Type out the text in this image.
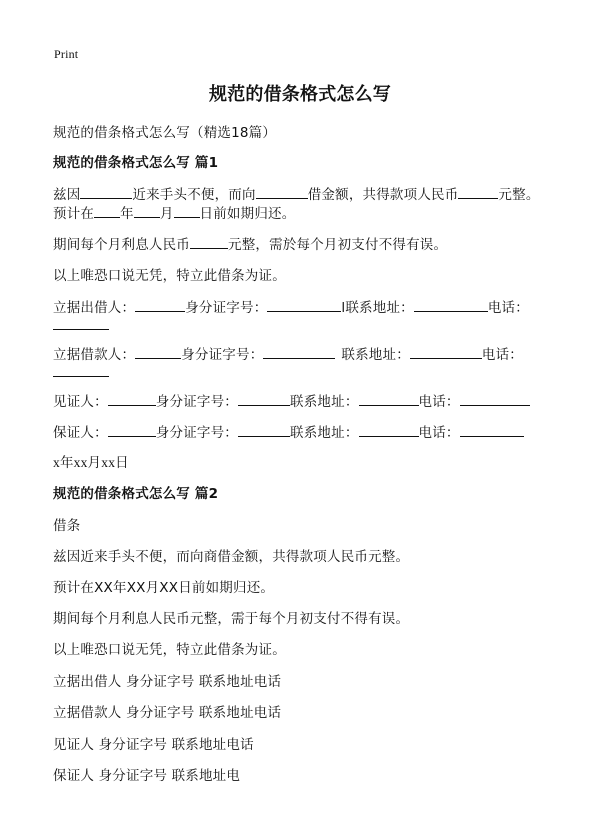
Print
规范的借条格式怎么写
规范的借条格式怎么写（精选18篇）
规范的借条格式怎么写 篇1
兹因	近来手头不便，而向	借金额，共得款项人民币	元整。
预计在 年 月 日前如期归还。
期间每个月利息人民币	元整，需於每个月初支付不得有误。
以上唯恐口说无凭，特立此借条为证。
立据出借人：	身分证字号：	l联系地址：	电话：
立据借款人：	身分证字号：	联系地址：	电话：
见证人：	身分证字号：	联系地址：	电话：
保证人：	身分证字号：	联系地址：	电话：
x年xx月xx日
规范的借条格式怎么写 篇2
借条
兹因近来手头不便，而向商借金额，共得款项人民币元整。
预计在XX年XX月XX日前如期归还。
期间每个月利息人民币元整，需于每个月初支付不得有误。
以上唯恐口说无凭，特立此借条为证。
立据出借人 身分证字号 联系地址电话
立据借款人 身分证字号 联系地址电话
见证人 身分证字号 联系地址电话
保证人 身分证字号 联系地址电
